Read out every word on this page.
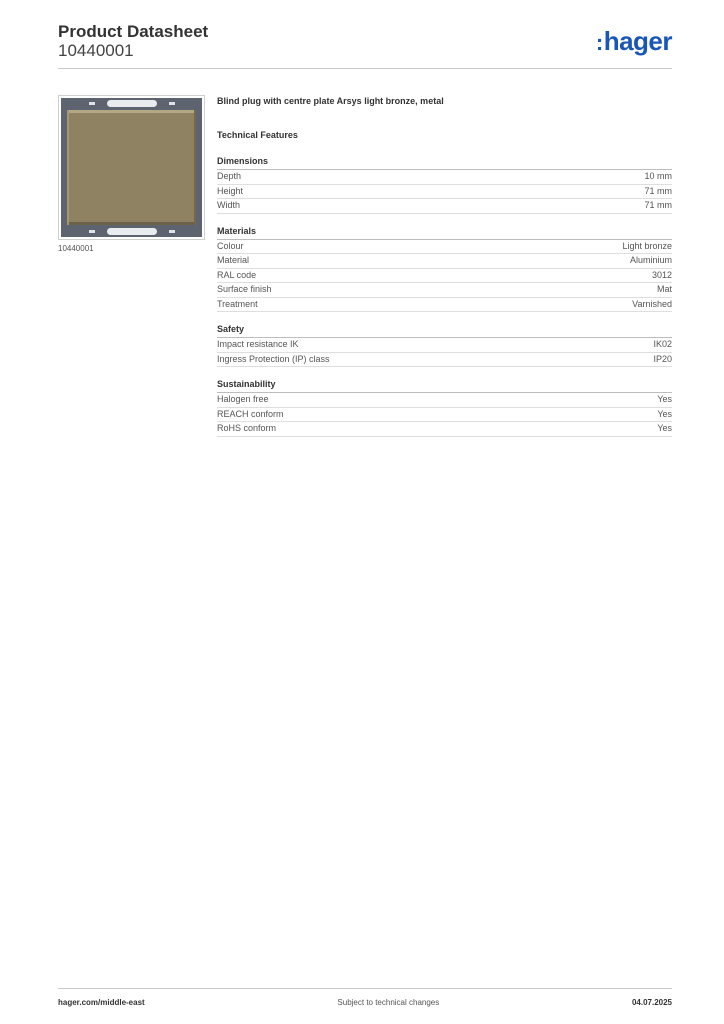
Product Datasheet
10440001	:hager
10440001
Blind plug with centre plate Arsys light bronze, metal
Technical Features
Dimensions
Depth	10 mm
Height	71 mm
Width	71 mm
Materials
Colour	Light bronze
Material	Aluminium
RAL code	3012
Surface finish	Mat
Treatment	Varnished
Safety
Impact resistance IK	IK02
Ingress Protection (IP) class	IP20
Sustainability
Halogen free	Yes
REACH conform	Yes
RoHS conform	Yes
hager.com/middle-east	Subject to technical changes	04.07.2025
